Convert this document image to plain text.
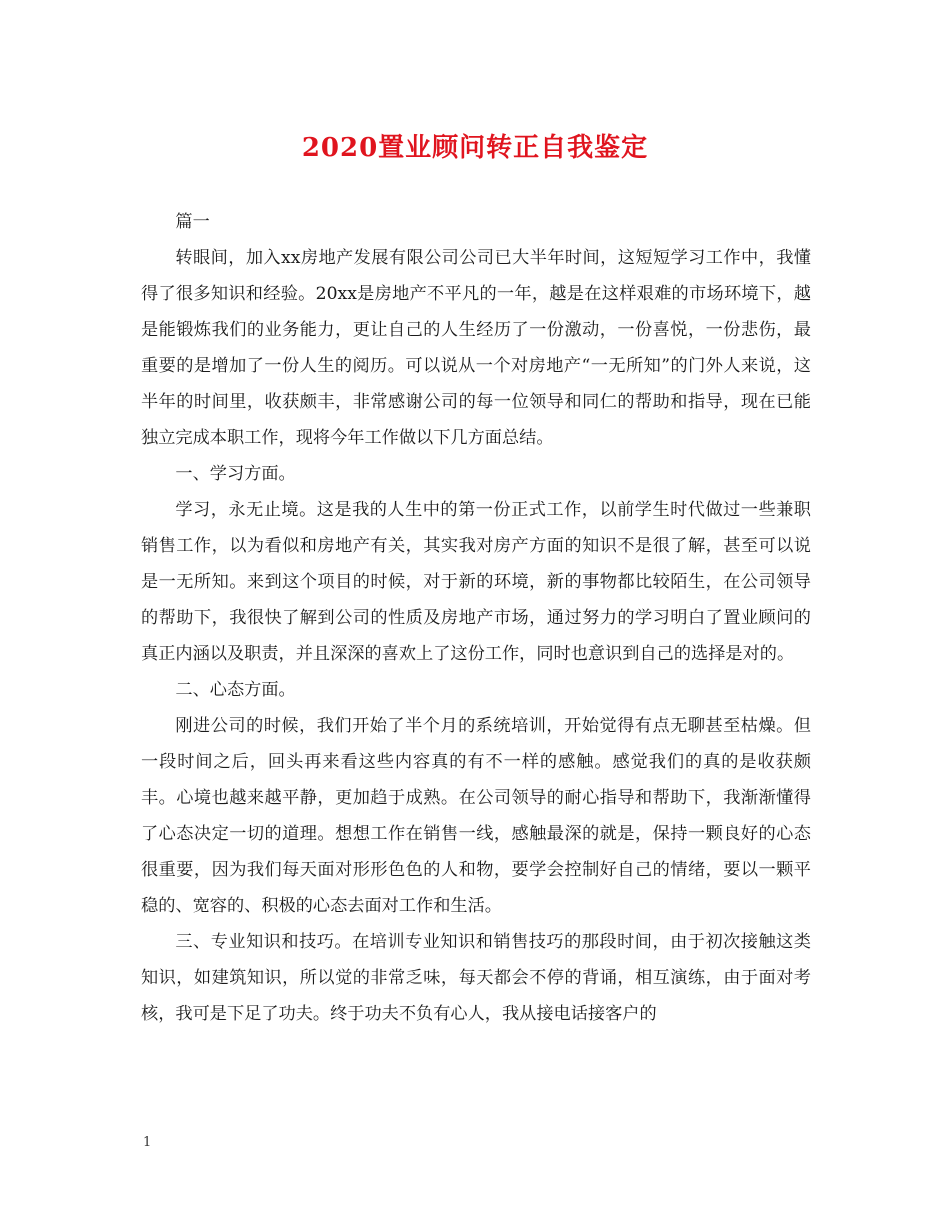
2020置业顾问转正自我鉴定

篇一

转眼间，加入xx房地产发展有限公司公司已大半年时间，这短短学习工作中，我懂得了很多知识和经验。20xx是房地产不平凡的一年，越是在这样艰难的市场环境下，越是能锻炼我们的业务能力，更让自己的人生经历了一份激动，一份喜悦，一份悲伤，最重要的是增加了一份人生的阅历。可以说从一个对房地产“一无所知”的门外人来说，这半年的时间里，收获颇丰，非常感谢公司的每一位领导和同仁的帮助和指导，现在已能独立完成本职工作，现将今年工作做以下几方面总结。

一、学习方面。

学习，永无止境。这是我的人生中的第一份正式工作，以前学生时代做过一些兼职销售工作，以为看似和房地产有关，其实我对房产方面的知识不是很了解，甚至可以说是一无所知。来到这个项目的时候，对于新的环境，新的事物都比较陌生，在公司领导的帮助下，我很快了解到公司的性质及房地产市场，通过努力的学习明白了置业顾问的真正内涵以及职责，并且深深的喜欢上了这份工作，同时也意识到自己的选择是对的。

二、心态方面。

刚进公司的时候，我们开始了半个月的系统培训，开始觉得有点无聊甚至枯燥。但一段时间之后，回头再来看这些内容真的有不一样的感触。感觉我们的真的是收获颇丰。心境也越来越平静，更加趋于成熟。在公司领导的耐心指导和帮助下，我渐渐懂得了心态决定一切的道理。想想工作在销售一线，感触最深的就是，保持一颗良好的心态很重要，因为我们每天面对形形色色的人和物，要学会控制好自己的情绪，要以一颗平稳的、宽容的、积极的心态去面对工作和生活。

三、专业知识和技巧。在培训专业知识和销售技巧的那段时间，由于初次接触这类知识，如建筑知识，所以觉的非常乏味，每天都会不停的背诵，相互演练，由于面对考核，我可是下足了功夫。终于功夫不负有心人，我从接电话接客户的

1
